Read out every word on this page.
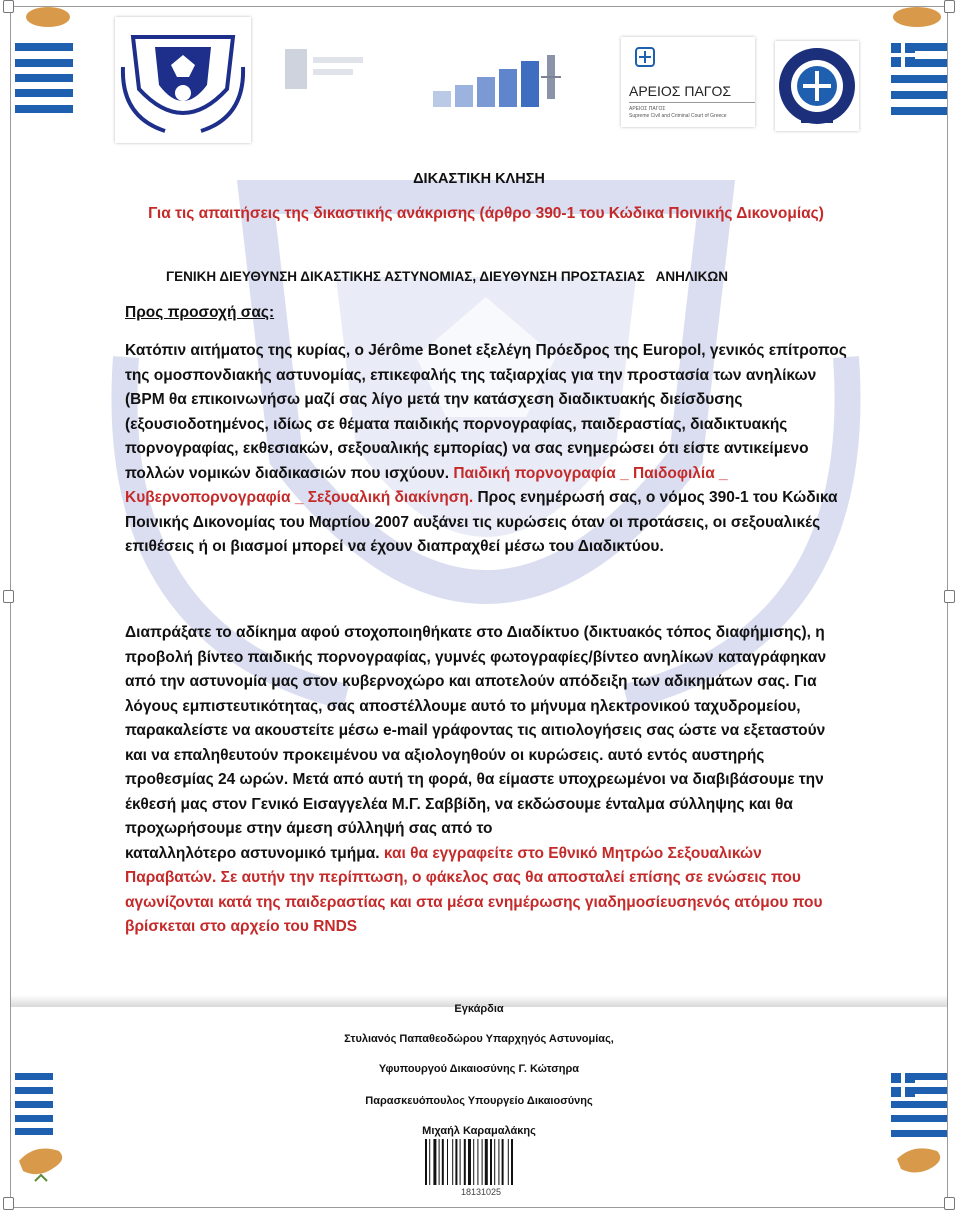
ΑΡΕΙΟΣ ΠΑΓΟΣ
ΑΡΕΙΟΣ ΠΑΓΟΣ
Supreme Civil and Criminal Court of Greece
ΔΙΚΑΣΤΙΚΗ ΚΛΗΣΗ
Για τις απαιτήσεις της δικαστικής ανάκρισης (άρθρο 390-1 του Κώδικα Ποινικής Δικονομίας)
ΓΕΝΙΚΗ ΔΙΕΥΘΥΝΣΗ ΔΙΚΑΣΤΙΚΗΣ ΑΣΤΥΝΟΜΙΑΣ, ΔΙΕΥΘΥΝΣΗ ΠΡΟΣΤΑΣΙΑΣ   ΑΝΗΛΙΚΩΝ
Προς προσοχή σας:
Κατόπιν αιτήματος της κυρίας, ο Jérôme Bonet εξελέγη Πρόεδρος της Europol, γενικός επίτροπος της ομοσπονδιακής αστυνομίας, επικεφαλής της ταξιαρχίας για την προστασία των ανηλίκων (BPM θα επικοινωνήσω μαζί σας λίγο μετά την κατάσχεση διαδικτυακής διείσδυσης (εξουσιοδοτημένος, ιδίως σε θέματα παιδικής πορνογραφίας, παιδεραστίας, διαδικτυακής πορνογραφίας, εκθεσιακών, σεξουαλικής εμπορίας) να σας ενημερώσει ότι είστε αντικείμενο πολλών νομικών διαδικασιών που ισχύουν. Παιδική πορνογραφία _ Παιδοφιλία _ Κυβερνοπορνογραφία _ Σεξουαλική διακίνηση. Προς ενημέρωσή σας, ο νόμος 390-1 του Κώδικα Ποινικής Δικονομίας του Μαρτίου 2007 αυξάνει τις κυρώσεις όταν οι προτάσεις, οι σεξουαλικές επιθέσεις ή οι βιασμοί μπορεί να έχουν διαπραχθεί μέσω του Διαδικτύου.
Διαπράξατε το αδίκημα αφού στοχοποιηθήκατε στο Διαδίκτυο (δικτυακός τόπος διαφήμισης), η προβολή βίντεο παιδικής πορνογραφίας, γυμνές φωτογραφίες/βίντεο ανηλίκων καταγράφηκαν από την αστυνομία μας στον κυβερνοχώρο και αποτελούν απόδειξη των αδικημάτων σας. Για λόγους εμπιστευτικότητας, σας αποστέλλουμε αυτό το μήνυμα ηλεκτρονικού ταχυδρομείου, παρακαλείστε να ακουστείτε μέσω e-mail γράφοντας τις αιτιολογήσεις σας ώστε να εξεταστούν και να επαληθευτούν προκειμένου να αξιολογηθούν οι κυρώσεις. αυτό εντός αυστηρής προθεσμίας 24 ωρών. Μετά από αυτή τη φορά, θα είμαστε υποχρεωμένοι να διαβιβάσουμε την έκθεσή μας στον Γενικό Εισαγγελέα Μ.Γ. Σαββίδη, να εκδώσουμε ένταλμα σύλληψης και θα προχωρήσουμε στην άμεση σύλληψή σας από το
καταλληλότερο αστυνομικό τμήμα. και θα εγγραφείτε στο Εθνικό Μητρώο Σεξουαλικών Παραβατών. Σε αυτήν την περίπτωση, ο φάκελος σας θα αποσταλεί επίσης σε ενώσεις που αγωνίζονται κατά της παιδεραστίας και στα μέσα ενημέρωσης γιαδημοσίευσηενός ατόμου που βρίσκεται στο αρχείο του RNDS
Εγκάρδια
Στυλιανός Παπαθεοδώρου Υπαρχηγός Αστυνομίας,
Υφυπουργού Δικαιοσύνης Γ. Κώτσηρα
Παρασκευόπουλος Υπουργείο Δικαιοσύνης
Μιχαήλ Καραμαλάκης
18131025
